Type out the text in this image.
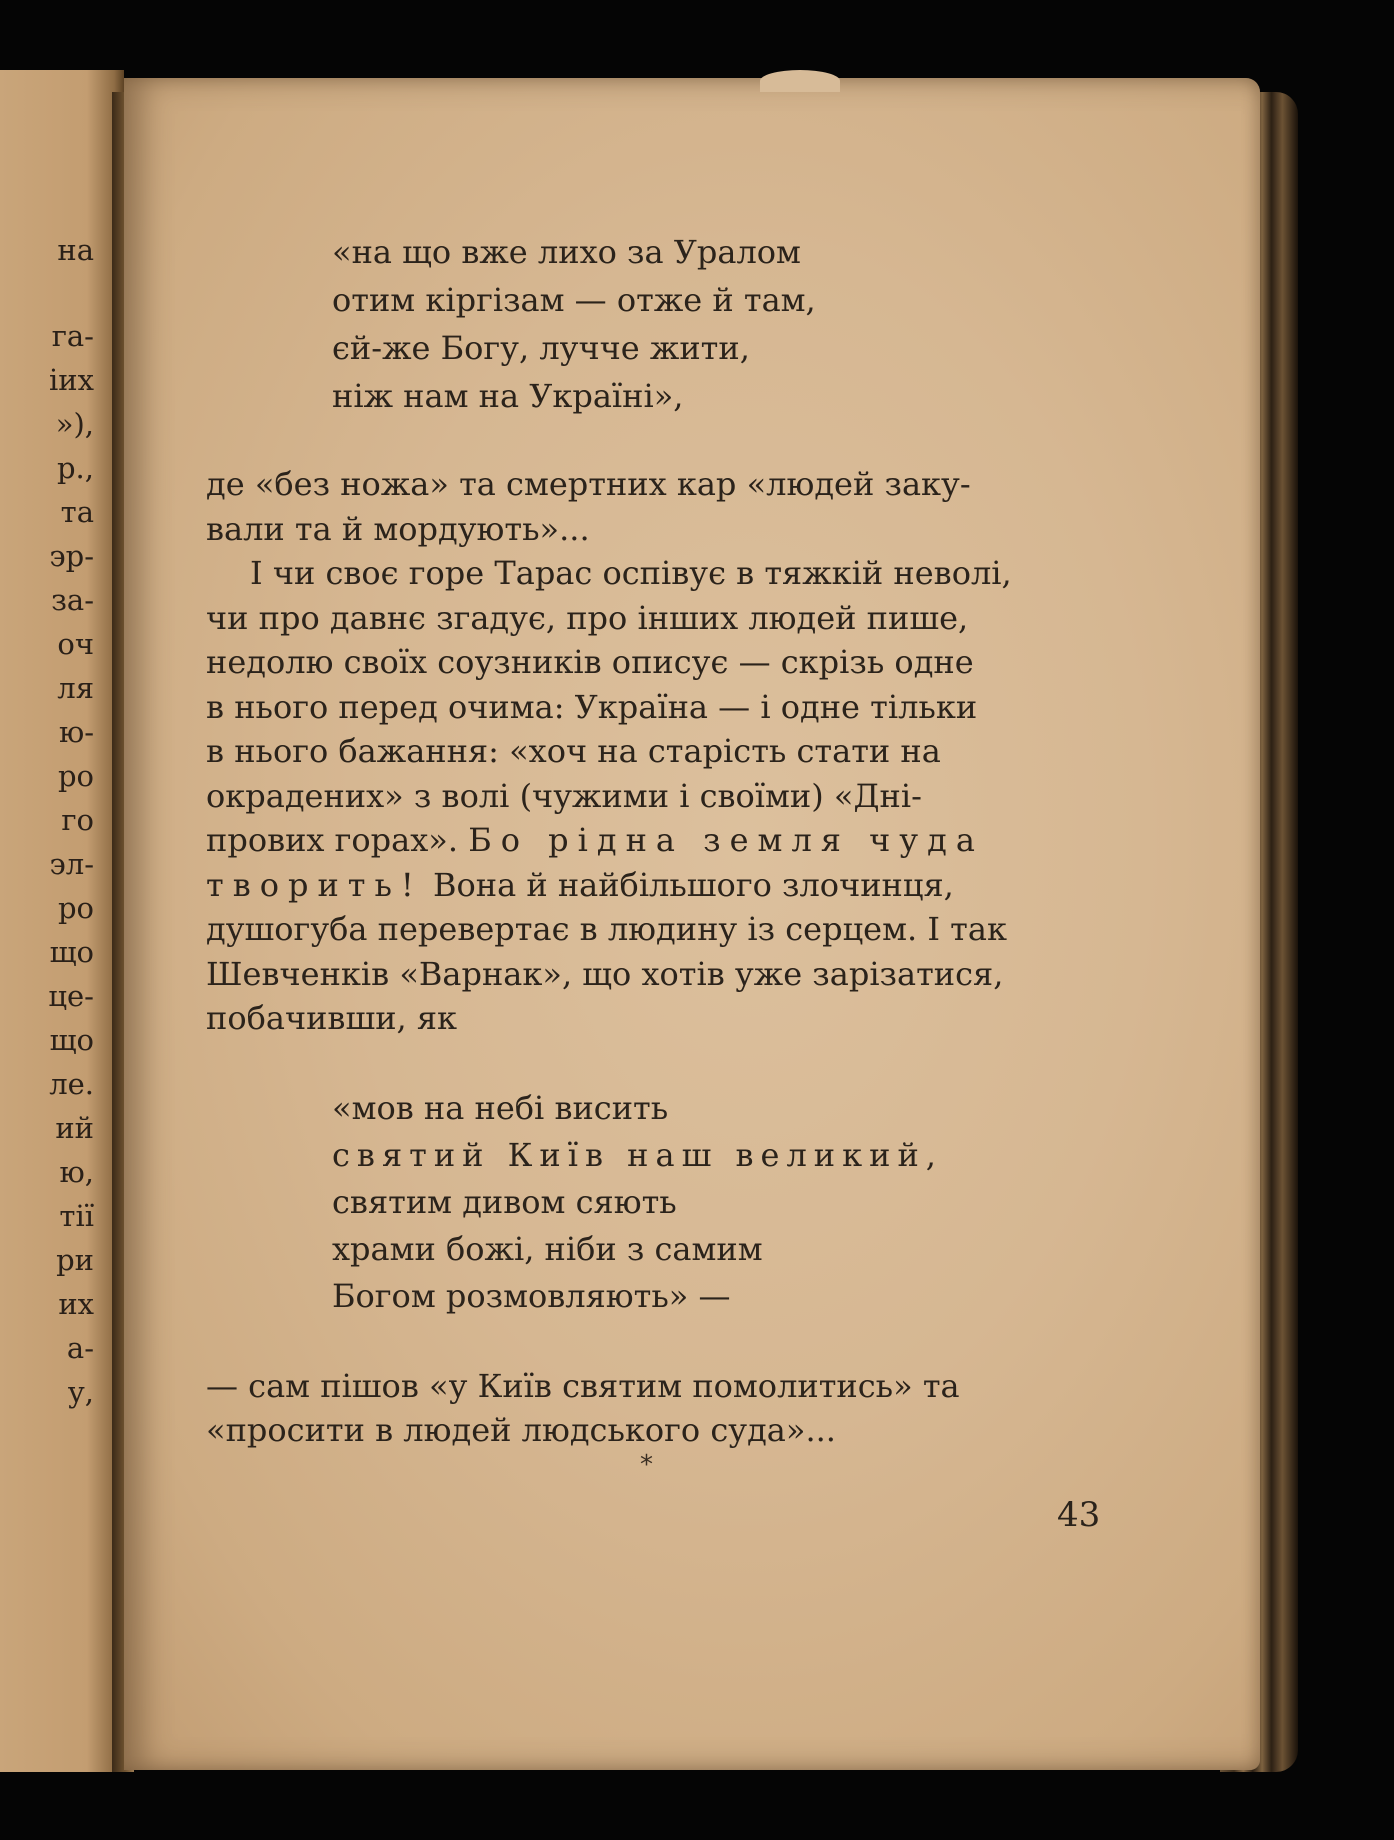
на
га-
іих
»),
р.,
та
эр-
за-
оч
ля
ю-
ро
го
эл-
ро
що
це-
що
ле.
ий
ю,
тії
ри
их
а-
у,

«на що вже лихо за Уралом
отим кіргізам — отже й там,
єй-же Богу, лучче жити,
ніж нам на Україні»,

де «без ножа» та смертних кар «людей заку-
вали та й мордують»...

І чи своє горе Тарас оспівує в тяжкій неволі,
чи про давнє згадує, про інших людей пише,
недолю своїх соузників описує — скрізь одне
в нього перед очима: Україна — і одне тільки
в нього бажання: «хоч на старість стати на
окрадених» з волі (чужими і своїми) «Дні-
прових горах». Бо рідна земля чуда
творить! Вона й найбільшого злочинця,
душогуба перевертає в людину із серцем. І так
Шевченків «Варнак», що хотів уже зарізатися,
побачивши, як

«мов на небі висить
святий Київ наш великий,
святим дивом сяють
храми божі, ніби з самим
Богом розмовляють» —

— сам пішов «у Київ святим помолитись» та
«просити в людей людського суда»...

*
43
